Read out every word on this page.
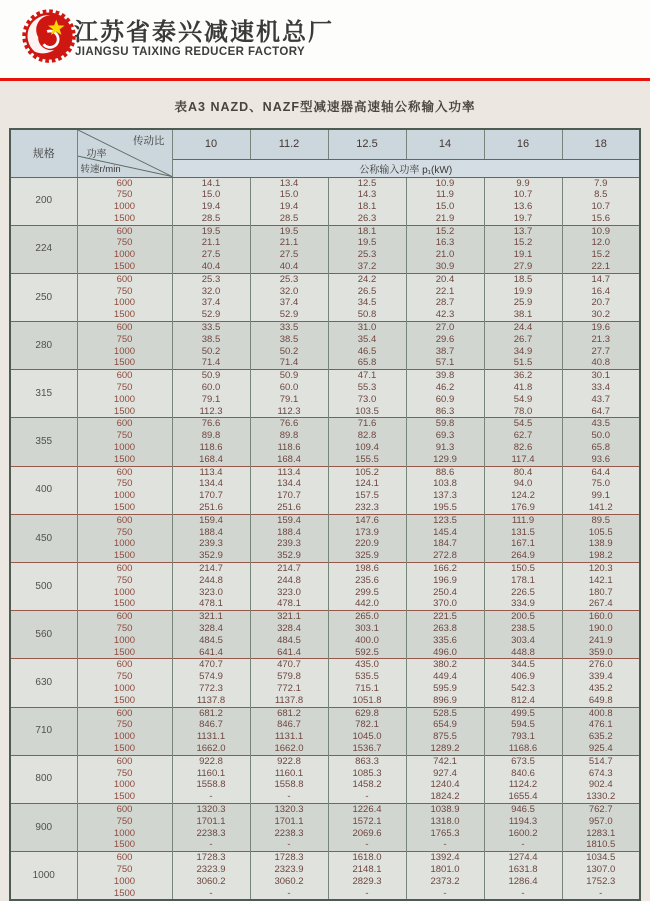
江苏省泰兴减速机总厂
JIANGSU TAIXING REDUCER FACTORY
表A3 NAZD、NAZF型减速器高速轴公称输入功率
规格	传动比
功率
转速r/min	10	11.2	12.5	14	16	18
		公称输入功率 p₁(kW)					
200	600	14.1	13.4	12.5	10.9	9.9	7.9
	750	15.0	15.0	14.3	11.9	10.7	8.5
	1000	19.4	19.4	18.1	15.0	13.6	10.7
	1500	28.5	28.5	26.3	21.9	19.7	15.6
224	600	19.5	19.5	18.1	15.2	13.7	10.9
	750	21.1	21.1	19.5	16.3	15.2	12.0
	1000	27.5	27.5	25.3	21.0	19.1	15.2
	1500	40.4	40.4	37.2	30.9	27.9	22.1
250	600	25.3	25.3	24.2	20.4	18.5	14.7
	750	32.0	32.0	26.5	22.1	19.9	16.4
	1000	37.4	37.4	34.5	28.7	25.9	20.7
	1500	52.9	52.9	50.8	42.3	38.1	30.2
280	600	33.5	33.5	31.0	27.0	24.4	19.6
	750	38.5	38.5	35.4	29.6	26.7	21.3
	1000	50.2	50.2	46.5	38.7	34.9	27.7
	1500	71.4	71.4	65.8	57.1	51.5	40.8
315	600	50.9	50.9	47.1	39.8	36.2	30.1
	750	60.0	60.0	55.3	46.2	41.8	33.4
	1000	79.1	79.1	73.0	60.9	54.9	43.7
	1500	112.3	112.3	103.5	86.3	78.0	64.7
355	600	76.6	76.6	71.6	59.8	54.5	43.5
	750	89.8	89.8	82.8	69.3	62.7	50.0
	1000	118.6	118.6	109.4	91.3	82.6	65.8
	1500	168.4	168.4	155.5	129.9	117.4	93.6
400	600	113.4	113.4	105.2	88.6	80.4	64.4
	750	134.4	134.4	124.1	103.8	94.0	75.0
	1000	170.7	170.7	157.5	137.3	124.2	99.1
	1500	251.6	251.6	232.3	195.5	176.9	141.2
450	600	159.4	159.4	147.6	123.5	111.9	89.5
	750	188.4	188.4	173.9	145.4	131.5	105.5
	1000	239.3	239.3	220.9	184.7	167.1	138.9
	1500	352.9	352.9	325.9	272.8	264.9	198.2
500	600	214.7	214.7	198.6	166.2	150.5	120.3
	750	244.8	244.8	235.6	196.9	178.1	142.1
	1000	323.0	323.0	299.5	250.4	226.5	180.7
	1500	478.1	478.1	442.0	370.0	334.9	267.4
560	600	321.1	321.1	265.0	221.5	200.5	160.0
	750	328.4	328.4	303.1	263.8	238.5	190.0
	1000	484.5	484.5	400.0	335.6	303.4	241.9
	1500	641.4	641.4	592.5	496.0	448.8	359.0
630	600	470.7	470.7	435.0	380.2	344.5	276.0
	750	574.9	579.8	535.5	449.4	406.9	339.4
	1000	772.3	772.1	715.1	595.9	542.3	435.2
	1500	1137.8	1137.8	1051.8	896.9	812.4	649.8
710	600	681.2	681.2	629.8	528.5	499.5	400.8
	750	846.7	846.7	782.1	654.9	594.5	476.1
	1000	1131.1	1131.1	1045.0	875.5	793.1	635.2
	1500	1662.0	1662.0	1536.7	1289.2	1168.6	925.4
800	600	922.8	922.8	863.3	742.1	673.5	514.7
	750	1160.1	1160.1	1085.3	927.4	840.6	674.3
	1000	1558.8	1558.8	1458.2	1240.4	1124.2	902.4
	1500	-	-	-	1824.2	1655.4	1330.2
900	600	1320.3	1320.3	1226.4	1038.9	946.5	762.7
	750	1701.1	1701.1	1572.1	1318.0	1194.3	957.0
	1000	2238.3	2238.3	2069.6	1765.3	1600.2	1283.1
	1500	-	-	-	-	-	1810.5
1000	600	1728.3	1728.3	1618.0	1392.4	1274.4	1034.5
	750	2323.9	2323.9	2148.1	1801.0	1631.8	1307.0
	1000	3060.2	3060.2	2829.3	2373.2	1286.4	1752.3
	1500	-	-	-	-	-	-
